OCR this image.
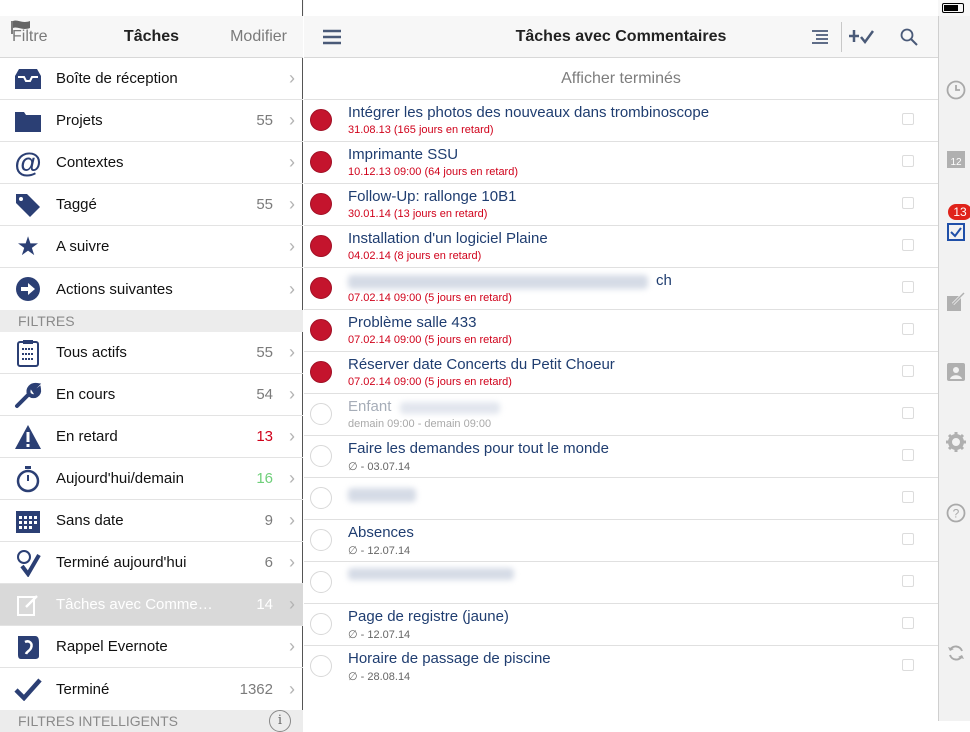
Filtre	Tâches	Modifier
Boîte de réception	›
Projets	55 ›
@ Contextes	›
Taggé	55 ›
★ A suivre	›
Actions suivantes	›
FILTRES
Tous actifs	55 ›
En cours	54 ›
En retard	13 ›
Aujourd'hui/demain	16 ›
Sans date	9 ›
Terminé aujourd'hui	6 ›
Tâches avec Comme…	14 ›
Rappel Evernote	›
Terminé	1362 ›
FILTRES INTELLIGENTS	i
Tâches avec Commentaires
Afficher terminés
Intégrer les photos des nouveaux dans trombinoscope
31.08.13 (165 jours en retard)
Imprimante SSU
10.12.13 09:00 (64 jours en retard)
Follow-Up: rallonge 10B1
30.01.14 (13 jours en retard)
Installation d'un logiciel Plaine
04.02.14 (8 jours en retard)
ch
07.02.14 09:00 (5 jours en retard)
Problème salle 433
07.02.14 09:00 (5 jours en retard)
Réserver date Concerts du Petit Choeur
07.02.14 09:00 (5 jours en retard)
Enfant
demain 09:00 - demain 09:00
Faire les demandes pour tout le monde
∅ - 03.07.14
Absences
∅ - 12.07.14
Page de registre (jaune)
∅ - 12.07.14
Horaire de passage de piscine
∅ - 28.08.14
12
13
?
